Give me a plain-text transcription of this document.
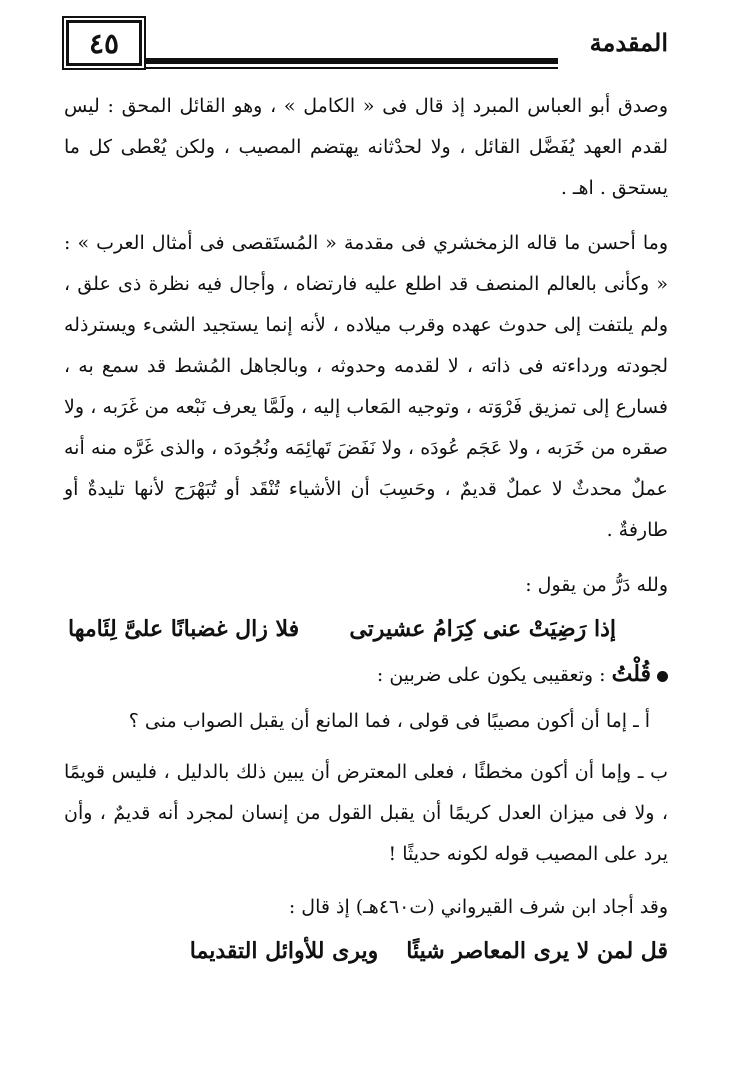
المقدمة
٤٥

وصدق أبو العباس المبرد إذ قال فى « الكامل » ، وهو القائل المحق : ليس لقدم العهد يُفَضَّل القائل ، ولا لحدْثانه يهتضم المصيب ، ولكن يُعْطى كل ما يستحق . اهـ .

وما أحسن ما قاله الزمخشري فى مقدمة « المُستَقصى فى أمثال العرب » : « وكأنى بالعالم المنصف قد اطلع عليه فارتضاه ، وأجال فيه نظرة ذى علق ، ولم يلتفت إلى حدوث عهده وقرب ميلاده ، لأنه إنما يستجيد الشىء ويسترذله لجودته ورداءته فى ذاته ، لا لقدمه وحدوثه ، وبالجاهل المُشط قد سمع به ، فسارع إلى تمزيق فَرْوَته ، وتوجيه المَعاب إليه ، ولَمَّا يعرف نَبْعه من غَرَبه ، ولا صقره من خَرَبه ، ولا عَجَم عُودَه ، ولا نَفَضَ تَهائِمَه ونُجُودَه ، والذى غَرَّه منه أنه عملٌ محدثٌ لا عملٌ قديمٌ ، وحَسِبَ أن الأشياء تُنْقَد أو تُبَهْرَج لأنها تليدةٌ أو طارفةٌ .

ولله دَرُّ من يقول :

إذا رَضِيَتْ عنى كِرَامُ عشيرتى
فلا زال غضبانًا علىَّ لِئَامها
قُلْتُ : وتعقيبى يكون على ضربين :

أ ـ إما أن أكون مصيبًا فى قولى ، فما المانع أن يقبل الصواب منى ؟

ب ـ وإما أن أكون مخطئًا ، فعلى المعترض أن يبين ذلك بالدليل ، فليس قويمًا ، ولا فى ميزان العدل كريمًا أن يقبل القول من إنسان لمجرد أنه قديمٌ ، وأن يرد على المصيب قوله لكونه حديثًا !

وقد أجاد ابن شرف القيرواني (ت٤٦٠هـ) إذ قال :

قل لمن لا يرى المعاصر شيئًا
ويرى للأوائل التقديما
